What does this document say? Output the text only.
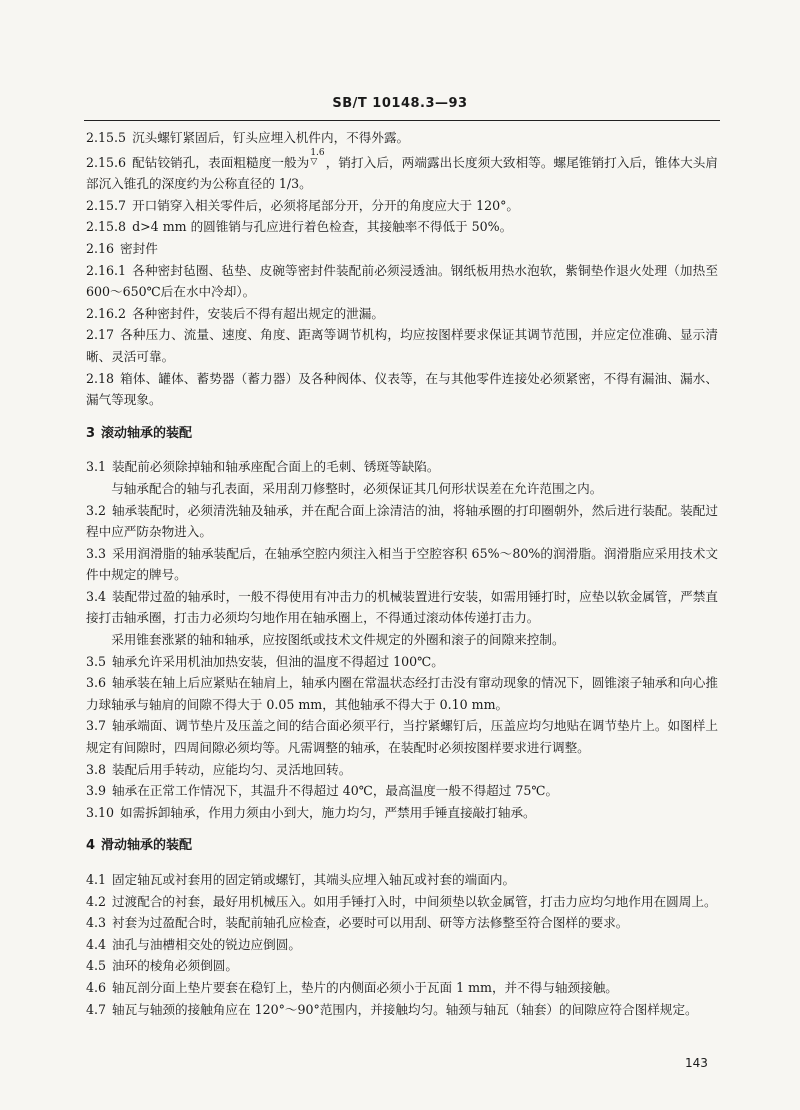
SB/T 10148.3—93

2.15.5 沉头螺钉紧固后，钉头应埋入机件内，不得外露。

2.15.6 配钻铰销孔，表面粗糙度一般为1.6
▽ ，销打入后，两端露出长度须大致相等。螺尾锥销打入后，锥体大头肩部沉入锥孔的深度约为公称直径的 1/3。

2.15.7 开口销穿入相关零件后，必须将尾部分开，分开的角度应大于 120°。

2.15.8 d>4 mm 的圆锥销与孔应进行着色检查，其接触率不得低于 50%。

2.16 密封件

2.16.1 各种密封毡圈、毡垫、皮碗等密封件装配前必须浸透油。钢纸板用热水泡软，紫铜垫作退火处理（加热至 600～650℃后在水中冷却）。

2.16.2 各种密封件，安装后不得有超出规定的泄漏。

2.17 各种压力、流量、速度、角度、距离等调节机构，均应按图样要求保证其调节范围，并应定位准确、显示清晰、灵活可靠。

2.18 箱体、罐体、蓄势器（蓄力器）及各种阀体、仪表等，在与其他零件连接处必须紧密，不得有漏油、漏水、漏气等现象。

3 滚动轴承的装配

3.1 装配前必须除掉轴和轴承座配合面上的毛刺、锈斑等缺陷。

与轴承配合的轴与孔表面，采用刮刀修整时，必须保证其几何形状误差在允许范围之内。

3.2 轴承装配时，必须清洗轴及轴承，并在配合面上涂清洁的油，将轴承圈的打印圈朝外，然后进行装配。装配过程中应严防杂物进入。

3.3 采用润滑脂的轴承装配后，在轴承空腔内须注入相当于空腔容积 65%～80%的润滑脂。润滑脂应采用技术文件中规定的牌号。

3.4 装配带过盈的轴承时，一般不得使用有冲击力的机械装置进行安装，如需用锤打时，应垫以软金属管，严禁直接打击轴承圈，打击力必须均匀地作用在轴承圈上，不得通过滚动体传递打击力。

采用锥套涨紧的轴和轴承，应按图纸或技术文件规定的外圈和滚子的间隙来控制。

3.5 轴承允许采用机油加热安装，但油的温度不得超过 100℃。

3.6 轴承装在轴上后应紧贴在轴肩上，轴承内圈在常温状态经打击没有窜动现象的情况下，圆锥滚子轴承和向心推力球轴承与轴肩的间隙不得大于 0.05 mm，其他轴承不得大于 0.10 mm。

3.7 轴承端面、调节垫片及压盖之间的结合面必须平行，当拧紧螺钉后，压盖应均匀地贴在调节垫片上。如图样上规定有间隙时，四周间隙必须均等。凡需调整的轴承，在装配时必须按图样要求进行调整。

3.8 装配后用手转动，应能均匀、灵活地回转。

3.9 轴承在正常工作情况下，其温升不得超过 40℃，最高温度一般不得超过 75℃。

3.10 如需拆卸轴承，作用力须由小到大，施力均匀，严禁用手锤直接敲打轴承。

4 滑动轴承的装配

4.1 固定轴瓦或衬套用的固定销或螺钉，其端头应埋入轴瓦或衬套的端面内。

4.2 过渡配合的衬套，最好用机械压入。如用手锤打入时，中间须垫以软金属管，打击力应均匀地作用在圆周上。

4.3 衬套为过盈配合时，装配前轴孔应检查，必要时可以用刮、研等方法修整至符合图样的要求。

4.4 油孔与油槽相交处的锐边应倒圆。

4.5 油环的棱角必须倒圆。

4.6 轴瓦剖分面上垫片要套在稳钉上，垫片的内侧面必须小于瓦面 1 mm，并不得与轴颈接触。

4.7 轴瓦与轴颈的接触角应在 120°～90°范围内，并接触均匀。轴颈与轴瓦（轴套）的间隙应符合图样规定。

143
